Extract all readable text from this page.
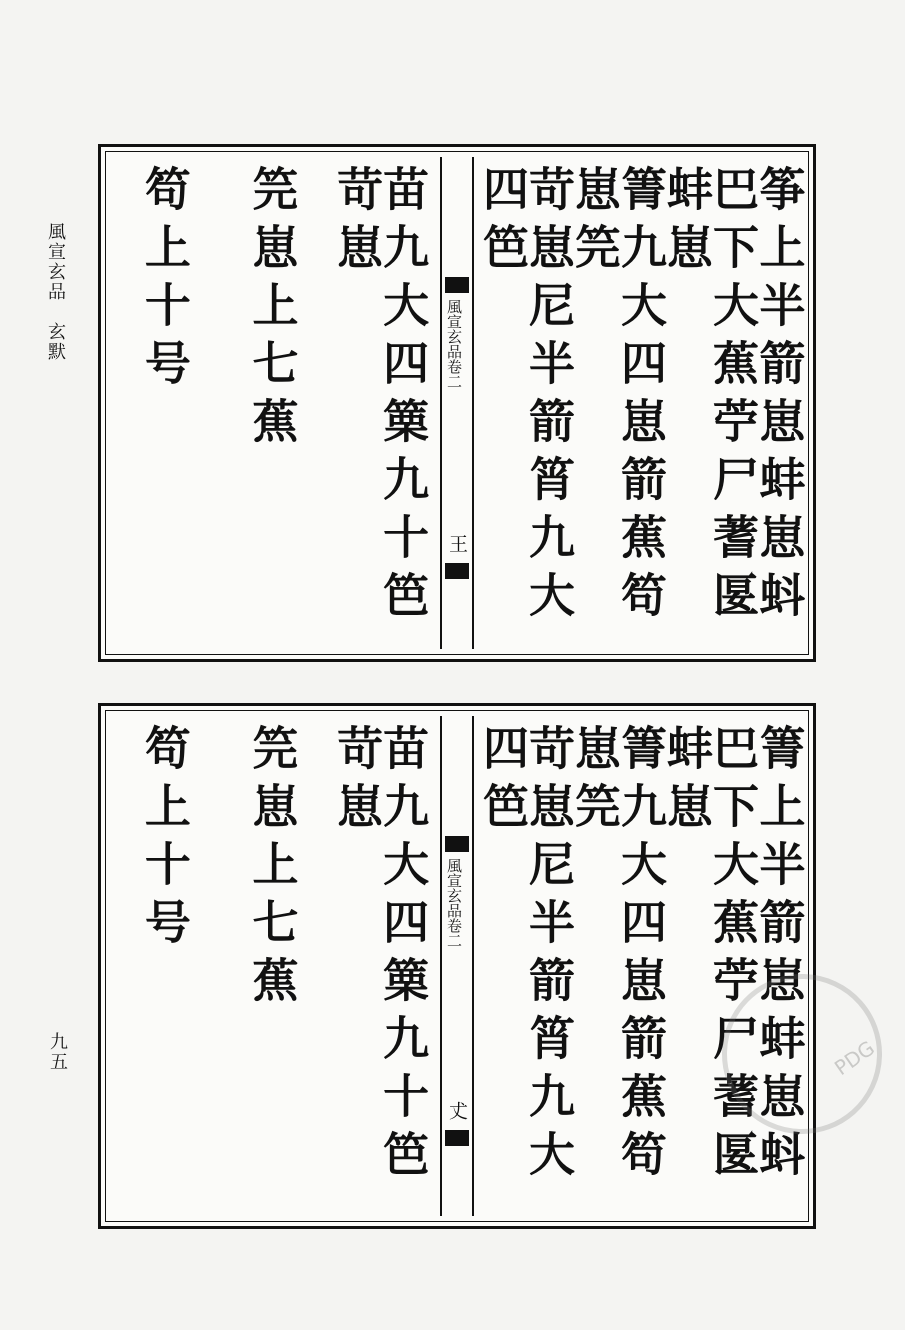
風宣玄品　玄默
九五
筝上半箭崽蚌崽蚪
巴下大蕉苧尸蓍匽蚌崽
箐九大四崽箭蕉笱崽笎
苛崽尼半箭筲九大四笆
風宣玄品卷二
王
苗九大四篥九十笆苛崽
笎崽上七蕉
笱上十号
箐上半箭崽蚌崽蚪
巴下大蕉苧尸蓍匽蚌崽
箐九大四崽箭蕉笱崽笎
苛崽尼半箭筲九大四笆
風宣玄品卷二
𠀋
苗九大四篥九十笆苛崽
笎崽上七蕉
笱上十号
PDG
